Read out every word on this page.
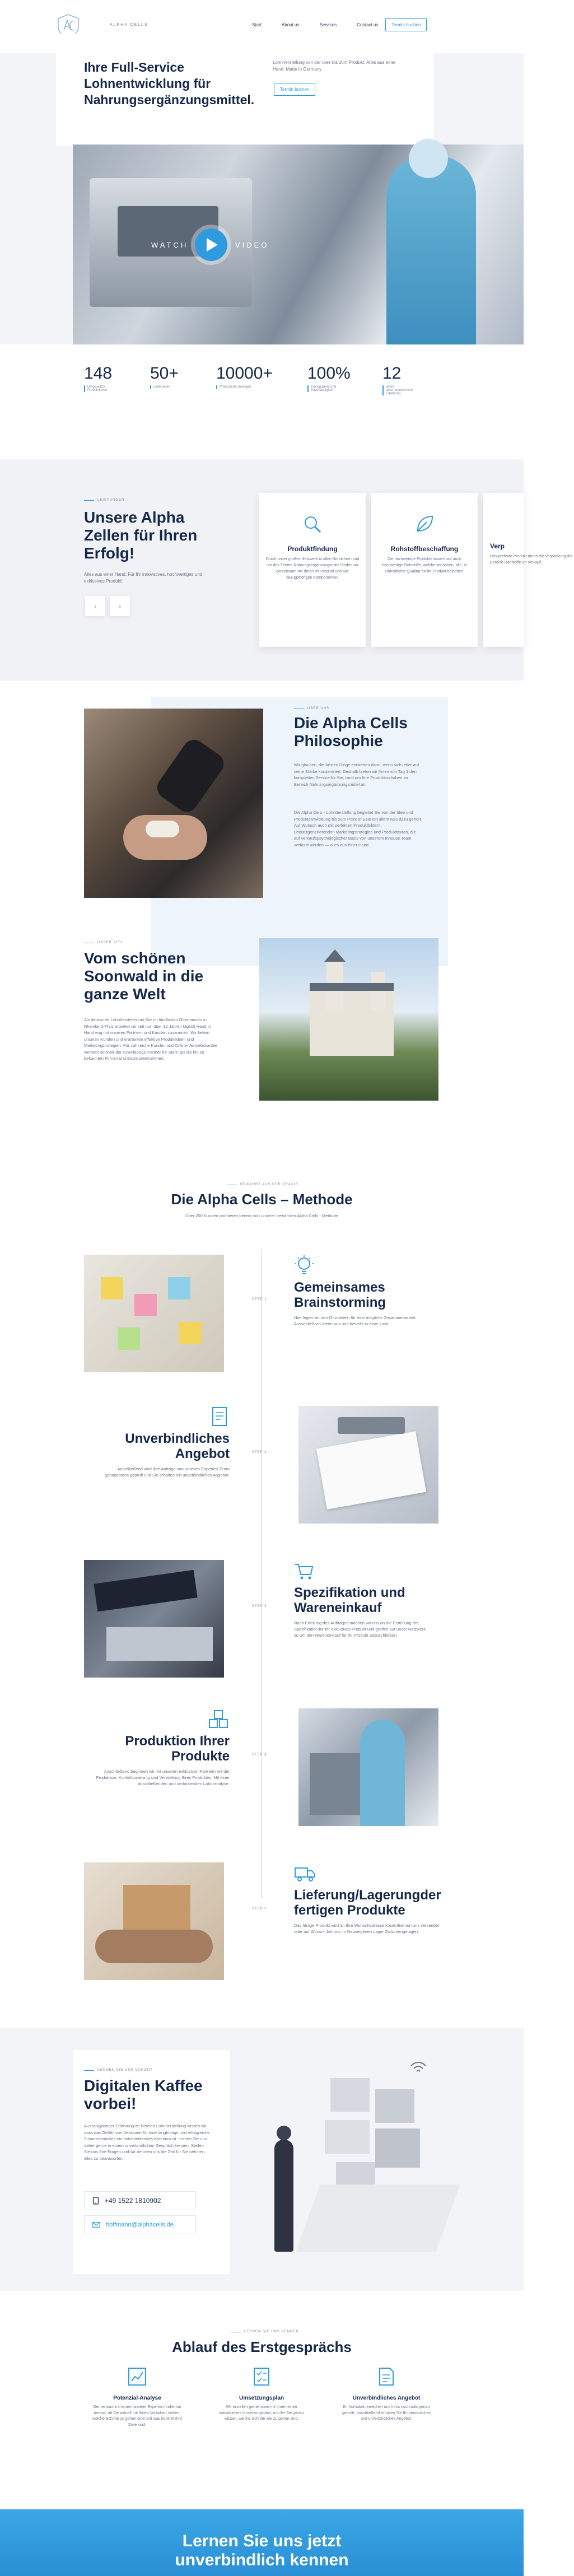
ALPHA CELLS	Start	About us	Services	Contact us	Termin buchen
Ihre Full-Service Lohnentwicklung für Nahrungsergänzungsmittel.

Lohnherstellung von der Idee bis zum Produkt. Alles aus einer Hand. Made in Germany.

Termin buchen
WATCH	VIDEO
148
Umgesetzte Produktideen
50+
Lieferanten
10000+
Produzierte Dosagen
100%
Transparenz und Zuverlässigkeit
12
Jahre unternehmerische Erfahrung
LEISTUNGEN
Unsere Alpha Zellen für Ihren Erfolg!

Alles aus einer Hand. Für Ihr innovatives, hochwertiges und exklusives Produkt!

‹	›
Produktfindung

Durch unser großes Netzwerk in allen Bereichen rund um das Thema Nahrungsergänzungsmittel finden wir gemeinsam mit Ihnen Ihr Produkt und alle dazugehörigen Komponenten.

Rohstoffbeschaffung

Die hochwertige Produkte basiert auf auch hochwertige Rohstoffe, welche wir haben, alle, in einheitlicher Qualität für Ihr Produkt beziehen.

Verp

Das perfekte Produkt durch die Verpackung der Bereich Rohstoffe an Verkauf.

ÜBER UNS
Die Alpha Cells Philosophie

Wir glauben, die besten Dinge entstehen dann, wenn sich jeder auf seine Stärke konzentriert. Deshalb bieten wir Ihnen von Tag 1 den kompletten Service für Sie, rund um Ihre Produktvorhaben im Bereich Nahrungsergänzungsmittel an.

Die Alpha Cells - Lohnherstellung begleitet Sie von der Idee und Produktentwicklung bis zum Point of Sale mit allem was dazu gehört. Auf Wunsch auch mit perfekten Produktbildern, umsatzgenerierenden Marketingstrategien und Produkttexten, die auf verkaufspsychologischer Basis von unserem Inhouse Team verfasst werden — alles aus einer Hand.

UNSER SITZ
Vom schönen Soonwald in die ganze Welt

Als deutscher Lohnhersteller mit Sitz im ländlichen Oberhausen in Rheinland-Pfalz arbeiten wir seit nun über 12 Jahren täglich Hand in Hand eng mit unseren Partnern und Kunden zusammen. Wir liefern unseren Kunden und erarbeiten effektive Produktideen und Marketingstrategien. Für zahlreiche Kunden und Online-Vertriebskanäle weltweit sind wir der zuverlässige Partner für Start-ups bis hin zu bekannten Firmen und Einzelunternehmen.

BEWÄHRT AUS DER PRAXIS
Die Alpha Cells – Methode

Über 200 Kunden profitieren bereits von unserer bewährten Alpha Cells - Methode

STEP 1
Gemeinsames Brainstorming

Hier legen wir den Grundstein für eine mögliche Zusammenarbeit. Ausschließlich Ideen aus und besteht in einer Linie.

Unverbindliches Angebot

Anschließend wird Ihre Anfrage von unseren Experten-Team genauestens geprüft und Sie erhalten ein unverbindliches Angebot.

STEP 2
STEP 3
Spezifikation und Wareneinkauf

Nach Erteilung des Auftrages machen wir uns an die Erstellung der Spezifikation für Ihr exklusives Produkt und greifen auf unser Netzwerk zu um den Wareneinkauf für Ihr Produkt abzuschließen.

Produktion Ihrer Produkte

Anschließend beginnen wir mit unseren exklusiven Partnern mit der Produktion, Konfektionierung und Veredelung Ihres Produktes. Mit einer abschließenden und umfassenden Laboranalyse.

STEP 4
STEP 5
Lieferung/Lagerungder fertigen Produkte

Das fertige Produkt wird an Ihre Wunschadresse kostenfrei von uns versendet oder auf Wunsch bei uns im Hauseigenen Lager Zwischengelagert.

KENNEN SIE UNS SCHON?
Digitalen Kaffee vorbei!

Aus langjähriger Erfahrung im Bereich Lohnherstellung wissen wir, dass das Gefühl von Vertrauen für eine langfristige und erfolgreiche Zusammenarbeit ein entscheidendes Kriterium ist. Lernen Sie uns daher gerne in einem unverbindlichen Gespräch kennen. Stellen Sie uns Ihre Fragen und wir nehmen uns die Zeit für Sie nehmen, alles zu beantworten.

+49 1522 1810902
hoffmann@alphacells.de
LERNEN SIE UNS KENNEN
Ablauf des Erstgesprächs
Potenzial-Analyse

Gemeinsam mit einem unserer Experten finden wir heraus, ob Sie aktuell mit Ihrem Vorhaben stehen, welche Schritte zu gehen sind und was konkret Ihre Ziele sind.

Umsetzungsplan

Wir erstellen gemeinsam mit Ihnen einen individuellen Umsetzungsplan, mit der Sie genau wissen, welche Schritte wie zu gehen sind.

Unverbindliches Angebot

Ihr Vorhaben erreichen uns Infos nochmals genau geprüft, anschließend erhalten Sie Ihr persönliches und unverbindliches Angebot.

Lernen Sie uns jetzt unverbindlich kennen
